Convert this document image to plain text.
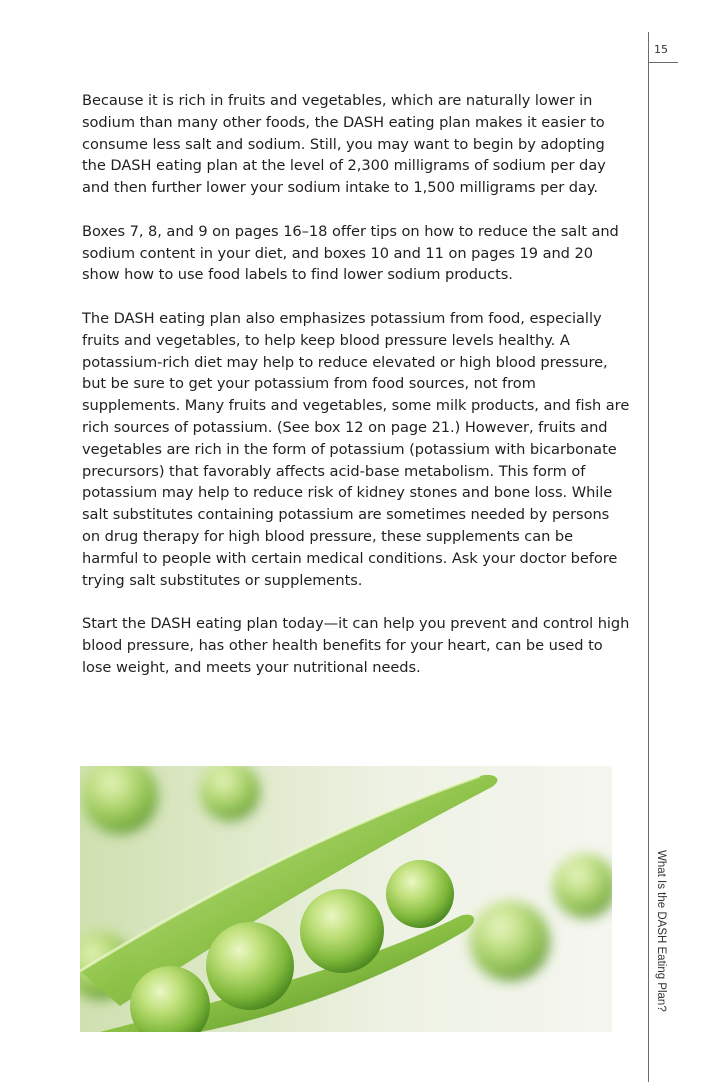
15

Because it is rich in fruits and vegetables, which are naturally lower in sodium than many other foods, the DASH eating plan makes it easier to consume less salt and sodium. Still, you may want to begin by adopting the DASH eating plan at the level of 2,300 milligrams of sodium per day and then further lower your sodium intake to 1,500 milligrams per day.

Boxes 7, 8, and 9 on pages 16–18 offer tips on how to reduce the salt and sodium content in your diet, and boxes 10 and 11 on pages 19 and 20 show how to use food labels to find lower sodium products.

The DASH eating plan also emphasizes potassium from food, especially fruits and vegetables, to help keep blood pressure levels healthy. A potassium-rich diet may help to reduce elevated or high blood pressure, but be sure to get your potassium from food sources, not from supplements. Many fruits and vegetables, some milk products, and fish are rich sources of potassium. (See box 12 on page 21.) However, fruits and vegetables are rich in the form of potassium (potassium with bicarbonate precursors) that favorably affects acid-base metabolism. This form of potassium may help to reduce risk of kidney stones and bone loss. While salt substitutes containing potassium are sometimes needed by persons on drug therapy for high blood pressure, these supplements can be harmful to people with certain medical conditions. Ask your doctor before trying salt substitutes or supplements.

Start the DASH eating plan today—it can help you prevent and control high blood pressure, has other health benefits for your heart, can be used to lose weight, and meets your nutritional needs.

What Is the DASH Eating Plan?
